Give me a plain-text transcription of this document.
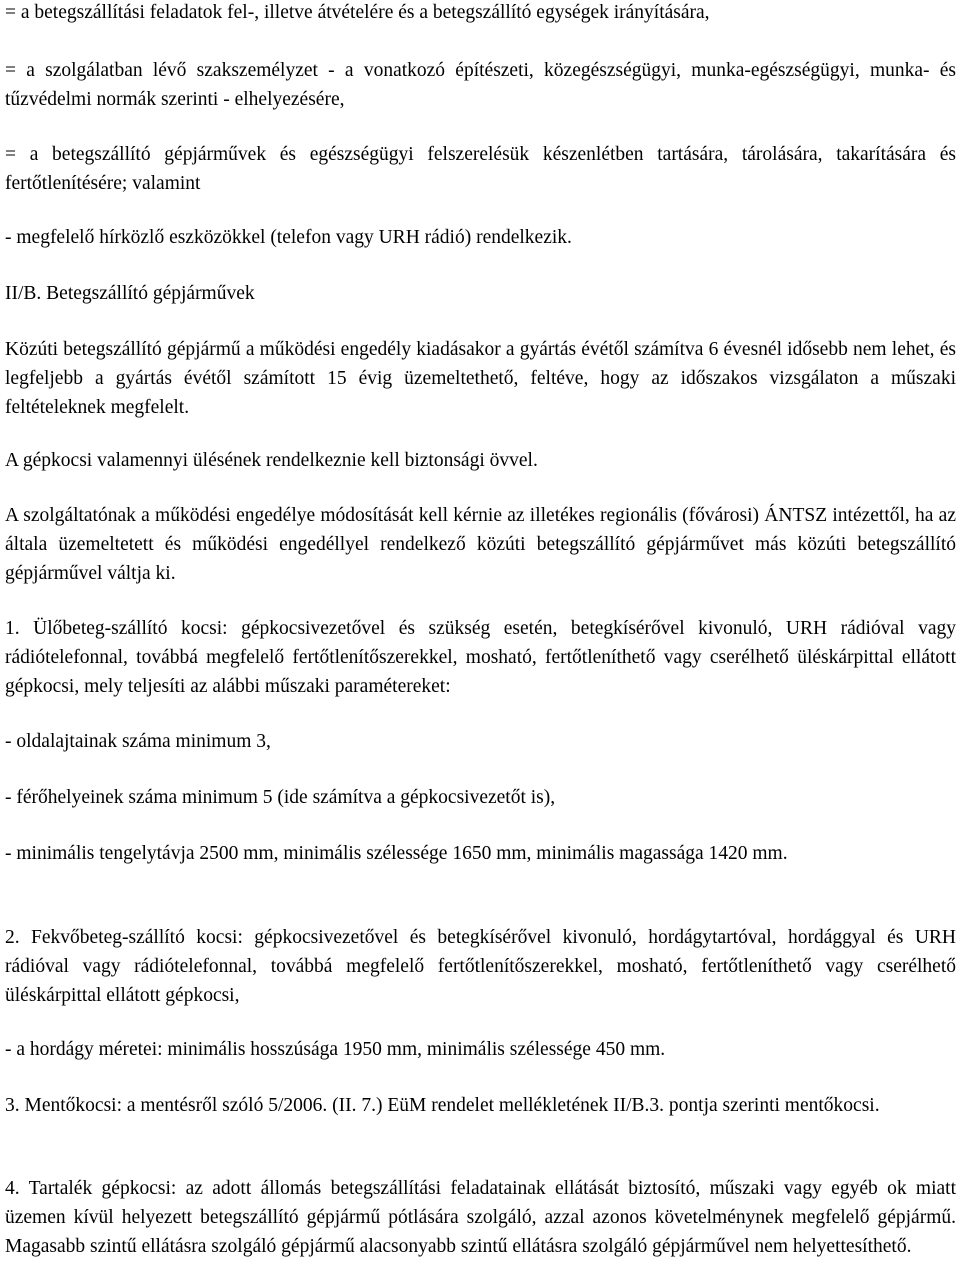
= a betegszállítási feladatok fel-, illetve átvételére és a betegszállító egységek irányítására,

= a szolgálatban lévő szakszemélyzet - a vonatkozó építészeti, közegészségügyi, munka-egészségügyi, munka- és tűzvédelmi normák szerinti - elhelyezésére,

= a betegszállító gépjárművek és egészségügyi felszerelésük készenlétben tartására, tárolására, takarítására és fertőtlenítésére; valamint

- megfelelő hírközlő eszközökkel (telefon vagy URH rádió) rendelkezik.

II/B. Betegszállító gépjárművek

Közúti betegszállító gépjármű a működési engedély kiadásakor a gyártás évétől számítva 6 évesnél idősebb nem lehet, és legfeljebb a gyártás évétől számított 15 évig üzemeltethető, feltéve, hogy az időszakos vizsgálaton a műszaki feltételeknek megfelelt.

A gépkocsi valamennyi ülésének rendelkeznie kell biztonsági övvel.

A szolgáltatónak a működési engedélye módosítását kell kérnie az illetékes regionális (fővárosi) ÁNTSZ intézettől, ha az általa üzemeltetett és működési engedéllyel rendelkező közúti betegszállító gépjárművet más közúti betegszállító gépjárművel váltja ki.

1. Ülőbeteg-szállító kocsi: gépkocsivezetővel és szükség esetén, betegkísérővel kivonuló, URH rádióval vagy rádiótelefonnal, továbbá megfelelő fertőtlenítőszerekkel, mosható, fertőtleníthető vagy cserélhető üléskárpittal ellátott gépkocsi, mely teljesíti az alábbi műszaki paramétereket:

- oldalajtainak száma minimum 3,

- férőhelyeinek száma minimum 5 (ide számítva a gépkocsivezetőt is),

- minimális tengelytávja 2500 mm, minimális szélessége 1650 mm, minimális magassága 1420 mm.

2. Fekvőbeteg-szállító kocsi: gépkocsivezetővel és betegkísérővel kivonuló, hordágytartóval, hordággyal és URH rádióval vagy rádiótelefonnal, továbbá megfelelő fertőtlenítőszerekkel, mosható, fertőtleníthető vagy cserélhető üléskárpittal ellátott gépkocsi,

- a hordágy méretei: minimális hosszúsága 1950 mm, minimális szélessége 450 mm.

3. Mentőkocsi: a mentésről szóló 5/2006. (II. 7.) EüM rendelet mellékletének II/B.3. pontja szerinti mentőkocsi.

4. Tartalék gépkocsi: az adott állomás betegszállítási feladatainak ellátását biztosító, műszaki vagy egyéb ok miatt üzemen kívül helyezett betegszállító gépjármű pótlására szolgáló, azzal azonos követelménynek megfelelő gépjármű. Magasabb szintű ellátásra szolgáló gépjármű alacsonyabb szintű ellátásra szolgáló gépjárművel nem helyettesíthető.
